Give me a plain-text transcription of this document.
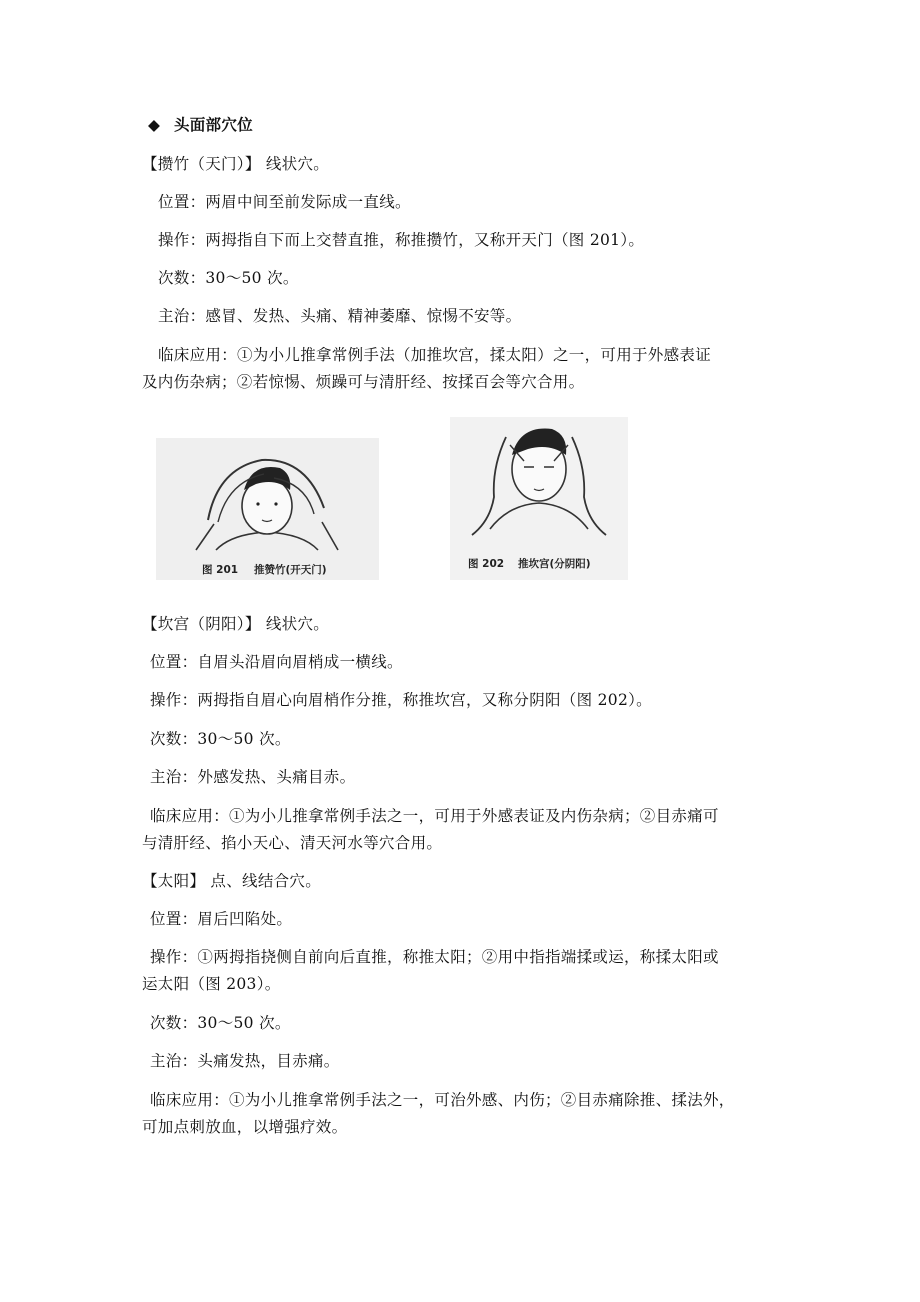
◆ 头面部穴位
【攒竹（天门）】 线状穴。
位置：两眉中间至前发际成一直线。
操作：两拇指自下而上交替直推，称推攒竹，又称开天门（图 201）。
次数：30～50 次。
主治：感冒、发热、头痛、精神萎靡、惊惕不安等。
临床应用：①为小儿推拿常例手法（加推坎宫，揉太阳）之一，可用于外感表证
及内伤杂病；②若惊惕、烦躁可与清肝经、按揉百会等穴合用。
图 201 推赞竹(开天门)	图 202 推坎宫(分阴阳)
【坎宫（阴阳）】 线状穴。
位置：自眉头沿眉向眉梢成一横线。
操作：两拇指自眉心向眉梢作分推，称推坎宫，又称分阴阳（图 202）。
次数：30～50 次。
主治：外感发热、头痛目赤。
临床应用：①为小儿推拿常例手法之一，可用于外感表证及内伤杂病；②目赤痛可
与清肝经、掐小天心、清天河水等穴合用。
【太阳】 点、线结合穴。
位置：眉后凹陷处。
操作：①两拇指挠侧自前向后直推，称推太阳；②用中指指端揉或运，称揉太阳或
运太阳（图 203）。
次数：30～50 次。
主治：头痛发热，目赤痛。
临床应用：①为小儿推拿常例手法之一，可治外感、内伤；②目赤痛除推、揉法外，
可加点刺放血，以增强疗效。
